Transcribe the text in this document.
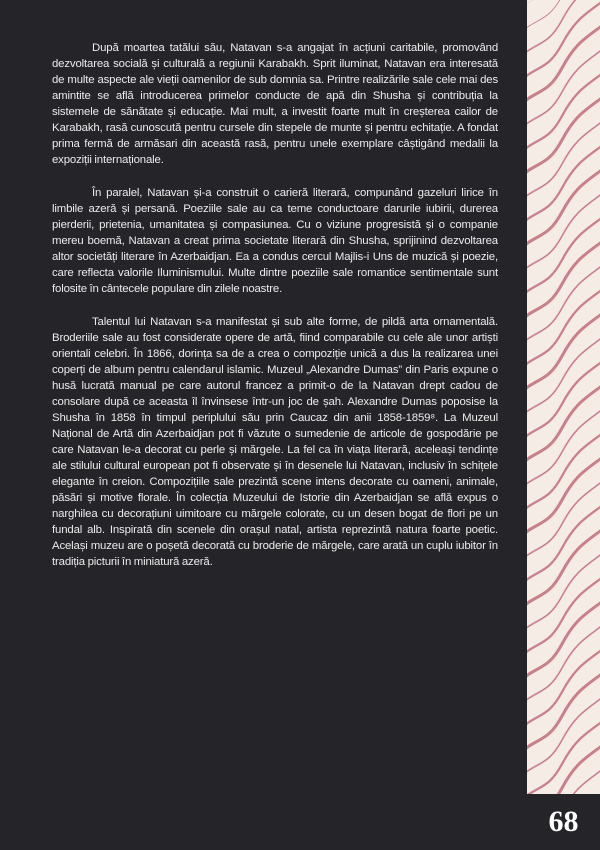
După moartea tatălui său, Natavan s-a angajat în acțiuni caritabile, promovând dezvoltarea socială și culturală a regiunii Karabakh. Sprit iluminat, Natavan era interesată de multe aspecte ale vieții oamenilor de sub domnia sa. Printre realizările sale cele mai des amintite se află introducerea primelor conducte de apă din Shusha și contribuția la sistemele de sănătate și educație. Mai mult, a investit foarte mult în creșterea cailor de Karabakh, rasă cunoscută pentru cursele din stepele de munte și pentru echitație. A fondat prima fermă de armăsari din această rasă, pentru unele exemplare câștigând medalii la expoziții internaționale.

În paralel, Natavan și-a construit o carieră literară, compunând gazeluri lirice în limbile azeră și persană. Poeziile sale au ca teme conductoare darurile iubirii, durerea pierderii, prietenia, umanitatea și compasiunea. Cu o viziune progresistă și o companie mereu boemă, Natavan a creat prima societate literară din Shusha, sprijinind dezvoltarea altor societăți literare în Azerbaidjan. Ea a condus cercul Majlis-i Uns de muzică și poezie, care reflecta valorile Iluminismului. Multe dintre poeziile sale romantice sentimentale sunt folosite în cântecele populare din zilele noastre.

Talentul lui Natavan s-a manifestat și sub alte forme, de pildă arta ornamentală. Broderiile sale au fost considerate opere de artă, fiind comparabile cu cele ale unor artiști orientali celebri. În 1866, dorința sa de a crea o compoziție unică a dus la realizarea unei coperți de album pentru calendarul islamic. Muzeul „Alexandre Dumas” din Paris expune o husă lucrată manual pe care autorul francez a primit-o de la Natavan drept cadou de consolare după ce aceasta îl învinsese într-un joc de șah. Alexandre Dumas poposise la Shusha în 1858 în timpul periplului său prin Caucaz din anii 1858-1859⁸. La Muzeul Național de Artă din Azerbaidjan pot fi văzute o sumedenie de articole de gospodărie pe care Natavan le-a decorat cu perle și mărgele. La fel ca în viața literară, aceleași tendințe ale stilului cultural european pot fi observate și în desenele lui Natavan, inclusiv în schițele elegante în creion. Compozițiile sale prezintă scene intens decorate cu oameni, animale, păsări și motive florale. În colecția Muzeului de Istorie din Azerbaidjan se află expus o narghilea cu decorațiuni uimitoare cu mărgele colorate, cu un desen bogat de flori pe un fundal alb. Inspirată din scenele din orașul natal, artista reprezintă natura foarte poetic. Același muzeu are o poșetă decorată cu broderie de mărgele, care arată un cuplu iubitor în tradiția picturii în miniatură azeră.

68
